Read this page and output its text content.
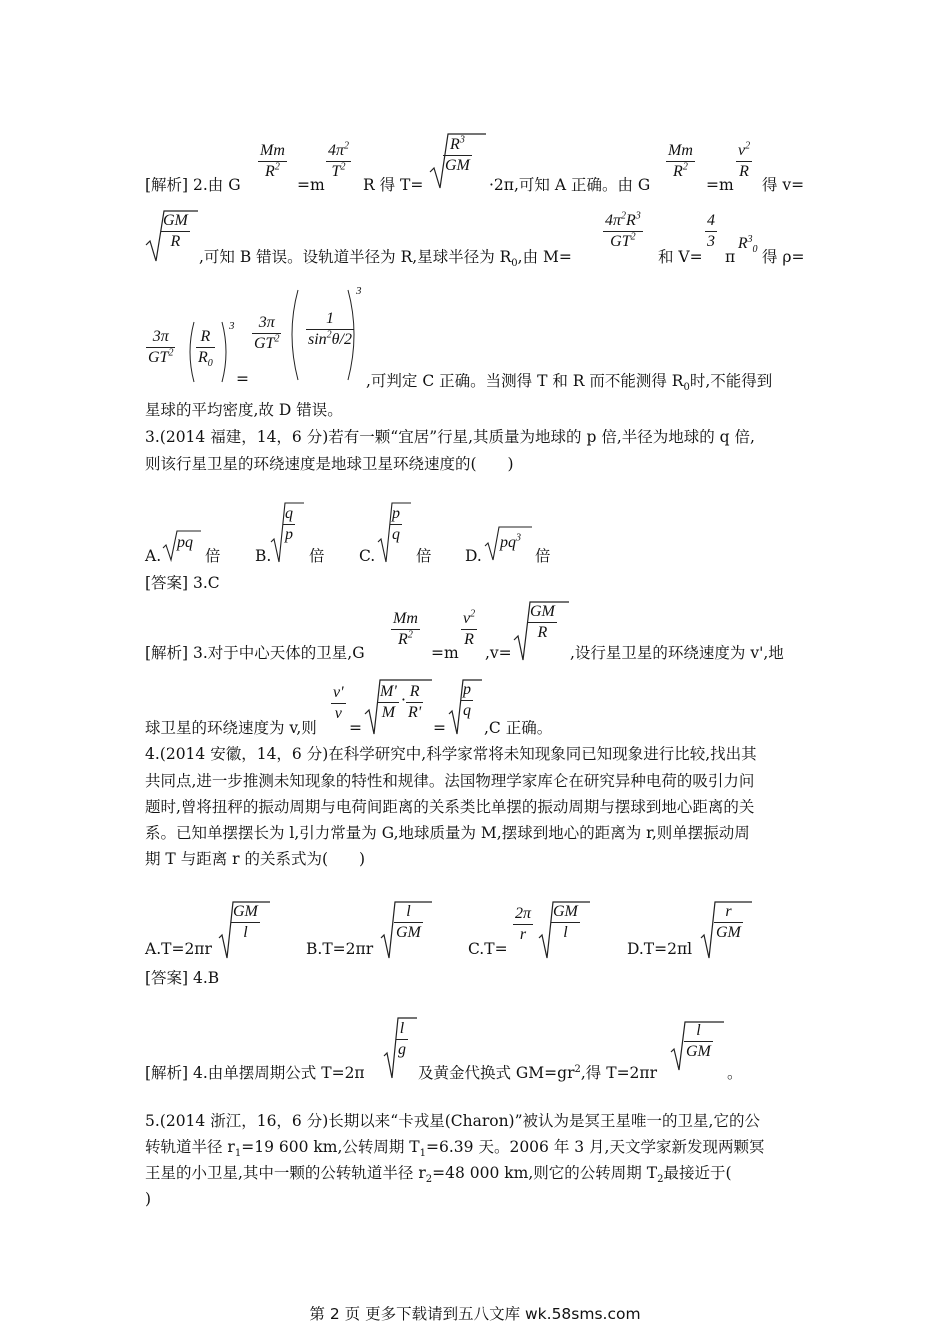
[解析] 2.由 G
Mm
$R^2$
=m
$4\pi^2$
$T^2$
R 得 T=
$R^3$
GM
·2π,可知 A 正确。由 G
Mm
$R^2$
=m
$v^2$
R
得 v=
GM
R
,可知 B 错误。设轨道半径为 R,星球半径为 $R_0$,由 M=
$4\pi^2R^3$
$GT^2$
和 V=
4
3
π
$R^3_0$ 得 ρ=
3π
$GT^2$
R
$R_0$
3
=
3π
$GT^2$
1
$\sin^2\theta/2$
3
,可判定 C 正确。当测得 T 和 R 而不能测得 $R_0$时,不能得到
星球的平均密度,故 D 错误。
3.(2014 福建，14，6 分)若有一颗“宜居”行星,其质量为地球的 p 倍,半径为地球的 q 倍,
则该行星卫星的环绕速度是地球卫星环绕速度的(　　)
A.
pq
倍 B.
q
p
倍 C.
p
q
倍 D.
$pq^3$
倍
[答案] 3.C
[解析] 3.对于中心天体的卫星,G
Mm
$R^2$
=m
$v^2$
R
,v=
GM
R
,设行星卫星的环绕速度为 v',地
球卫星的环绕速度为 v,则
v'
v
=
M'
M
· R
R'
=
p
q
,C 正确。
4.(2014 安徽，14，6 分)在科学研究中,科学家常将未知现象同已知现象进行比较,找出其
共同点,进一步推测未知现象的特性和规律。法国物理学家库仑在研究异种电荷的吸引力问
题时,曾将扭秤的振动周期与电荷间距离的关系类比单摆的振动周期与摆球到地心距离的关
系。已知单摆摆长为 l,引力常量为 G,地球质量为 M,摆球到地心的距离为 r,则单摆振动周
期 T 与距离 r 的关系式为(　　)
A.T=2πr
GM
l
B.T=2πr
l
GM
C.T=
2π
r
GM
l
D.T=2πl
r
GM
[答案] 4.B
[解析] 4.由单摆周期公式 T=2π
l
g
及黄金代换式 $GM=gr^2$,得 T=2πr
l
GM
。
5.(2014 浙江，16，6 分)长期以来“卡戎星(Charon)”被认为是冥王星唯一的卫星,它的公
转轨道半径 $r_1=19$ 600 km,公转周期 $T_1=6.39$ 天。2006 年 3 月,天文学家新发现两颗冥
王星的小卫星,其中一颗的公转轨道半径 $r_2=48$ 000 km,则它的公转周期 $T_2$最接近于(
)
第 2 页 更多下载请到五八文库 wk.58sms.com
